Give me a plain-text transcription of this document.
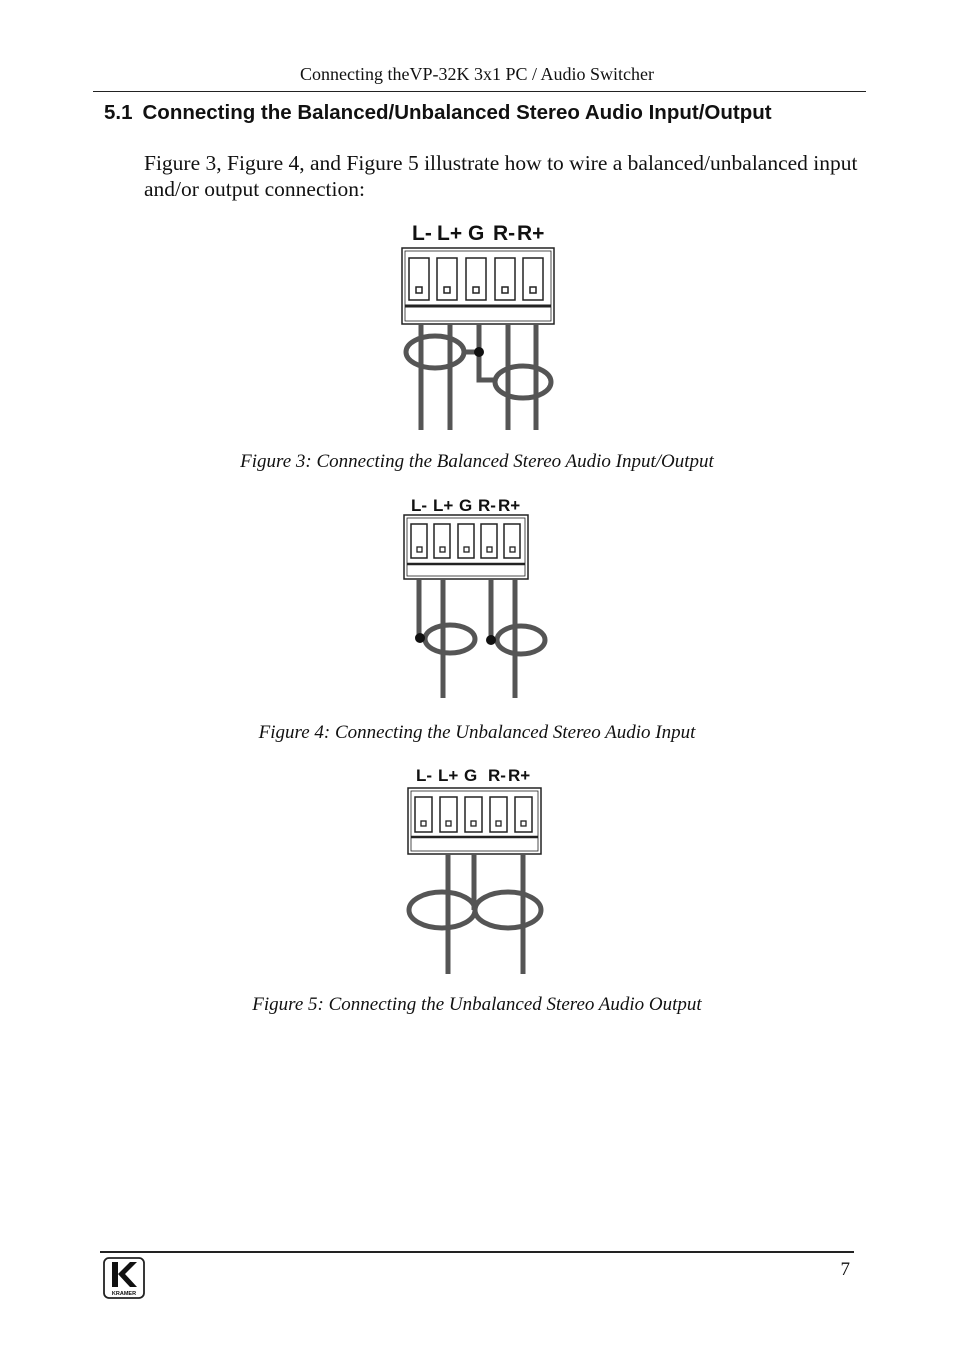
Connecting theVP-32K 3x1 PC / Audio Switcher
5.1 Connecting the Balanced/Unbalanced Stereo Audio Input/Output

Figure 3, Figure 4, and Figure 5 illustrate how to wire a balanced/unbalanced input and/or output connection:

L- L+ G R- R+

Figure 3: Connecting the Balanced Stereo Audio Input/Output

L- L+ G R- R+

Figure 4: Connecting the Unbalanced Stereo Audio Input

L- L+ G R- R+

Figure 5: Connecting the Unbalanced Stereo Audio Output

KRAMER
7
